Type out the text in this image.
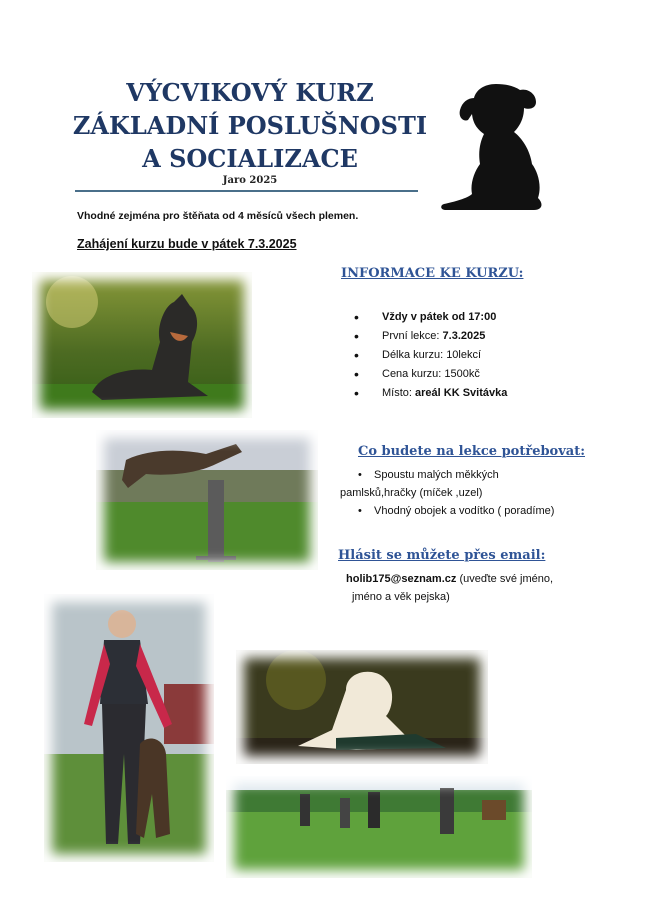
VÝCVIKOVÝ KURZ
ZÁKLADNÍ POSLUŠNOSTI
A SOCIALIZACE
Jaro 2025
Vhodné zejména pro štěňata od 4 měsíců všech plemen.
Zahájení kurzu bude v pátek 7.3.2025
INFORMACE KE KURZU:
• Vždy v pátek od 17:00
• První lekce: 7.3.2025
• Délka kurzu: 10lekcí
• Cena kurzu: 1500kč
• Místo: areál KK Svitávka
Co budete na lekce potřebovat:
• Spoustu malých měkkých
pamlsků,hračky (míček ,uzel)
• Vhodný obojek a vodítko ( poradíme)
Hlásit se můžete přes email:
holib175@seznam.cz (uveďte své jméno,
jméno a věk pejska)
